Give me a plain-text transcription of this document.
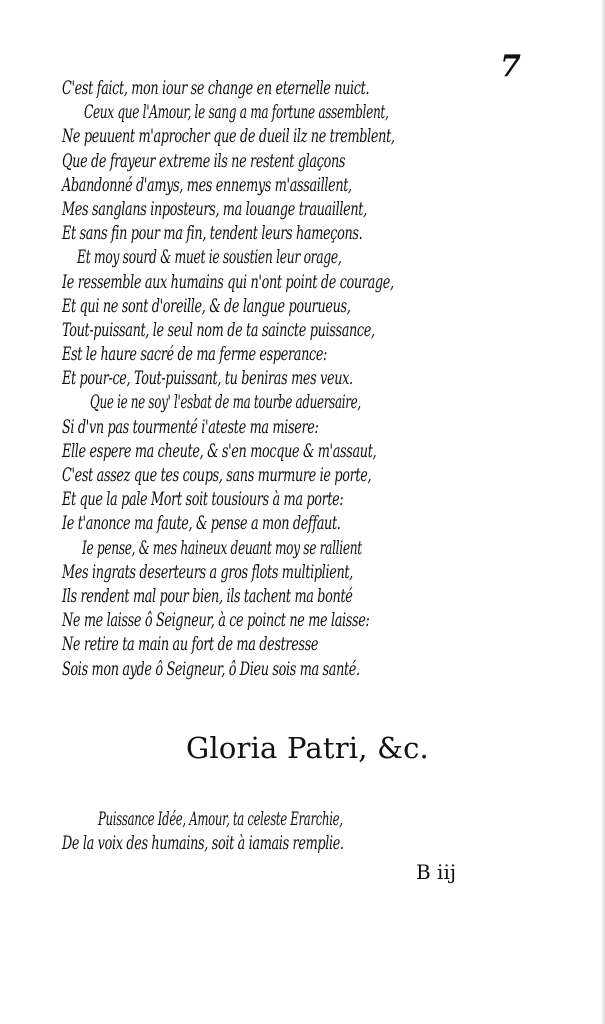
7
C'est faict, mon iour se change en eternelle nuict.
Ceux que l'Amour, le sang a ma fortune assemblent,
Ne peuuent m'aprocher que de dueil ilz ne tremblent,
Que de frayeur extreme ils ne restent glaçons
Abandonné d'amys, mes ennemys m'assaillent,
Mes sanglans inposteurs, ma louange trauaillent,
Et sans fin pour ma fin, tendent leurs hameçons.
Et moy sourd & muet ie soustien leur orage,
Ie ressemble aux humains qui n'ont point de courage,
Et qui ne sont d'oreille, & de langue pourueus,
Tout-puissant, le seul nom de ta saincte puissance,
Est le haure sacré de ma ferme esperance:
Et pour-ce, Tout-puissant, tu beniras mes veux.
Que ie ne soy' l'esbat de ma tourbe aduersaire,
Si d'vn pas tourmenté i'ateste ma misere:
Elle espere ma cheute, & s'en mocque & m'assaut,
C'est assez que tes coups, sans murmure ie porte,
Et que la pale Mort soit tousiours à ma porte:
Ie t'anonce ma faute, & pense a mon deffaut.
Ie pense, & mes haineux deuant moy se rallient
Mes ingrats deserteurs a gros flots multiplient,
Ils rendent mal pour bien, ils tachent ma bonté
Ne me laisse ô Seigneur, à ce poinct ne me laisse:
Ne retire ta main au fort de ma destresse
Sois mon ayde ô Seigneur, ô Dieu sois ma santé.
Gloria Patri, &c.
Puissance Idée, Amour, ta celeste Erarchie,
De la voix des humains, soit à iamais remplie.
B iij
